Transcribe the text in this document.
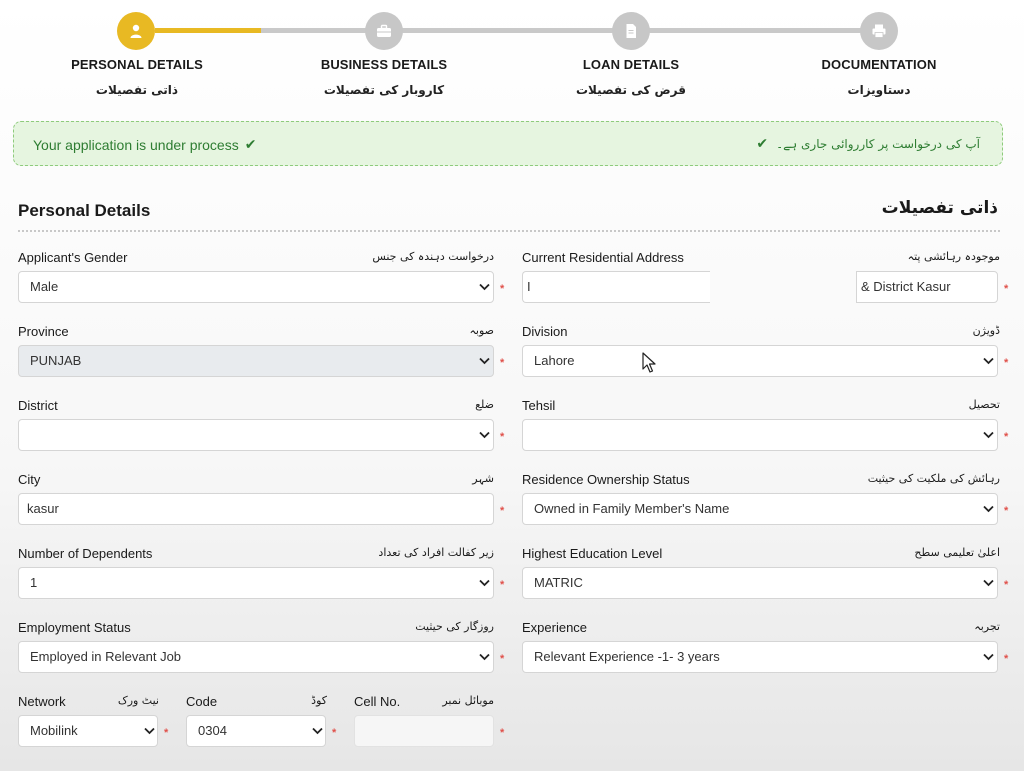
PERSONAL DETAILS	BUSINESS DETAILS	LOAN DETAILS	DOCUMENTATION
ذاتی تفصیلات	کاروبار کی تفصیلات	قرض کی تفصیلات	دستاویزات
Your application is under process ✔	✔ آپ کی درخواست پر کارروائی جاری ہے۔
Personal Details	ذاتی تفصیلات
Applicant's Gender	درخواست دہندہ کی جنس
Male	*
Province	صوبہ
PUNJAB	*
District	ضلع
*
City	شہر
kasur	*
Number of Dependents	زیر کفالت افراد کی تعداد
1	*
Employment Status	روزگار کی حیثیت
Employed in Relevant Job	*
Network	نیٹ ورک
Mobilink	*
Code	کوڈ
0304	*
Cell No.	موبائل نمبر
*
Current Residential Address	موجودہ رہائشی پتہ
I	& District Kasur	*
Division	ڈویژن
Lahore	*
Tehsil	تحصیل
*
Residence Ownership Status	رہائش کی ملکیت کی حیثیت
Owned in Family Member's Name	*
Highest Education Level	اعلیٰ تعلیمی سطح
MATRIC	*
Experience	تجربہ
Relevant Experience -1- 3 years	*
